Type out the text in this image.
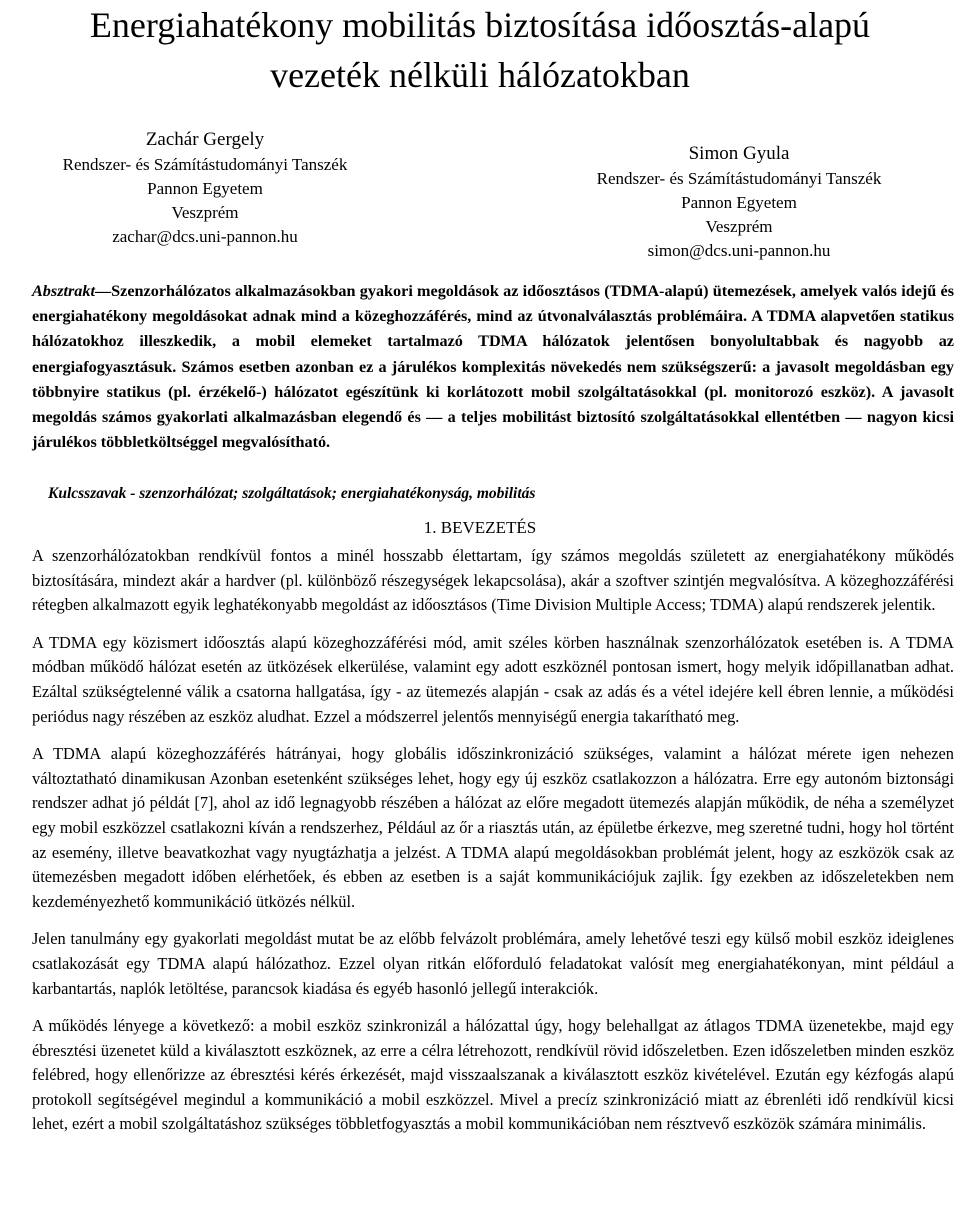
Energiahatékony mobilitás biztosítása időosztás-alapú
vezeték nélküli hálózatokban
Zachár Gergely
Rendszer- és Számítástudományi Tanszék
Pannon Egyetem
Veszprém
zachar@dcs.uni-pannon.hu
Simon Gyula
Rendszer- és Számítástudományi Tanszék
Pannon Egyetem
Veszprém
simon@dcs.uni-pannon.hu

Absztrakt—Szenzorhálózatos alkalmazásokban gyakori megoldások az időosztásos (TDMA-alapú) ütemezések, amelyek valós idejű és energiahatékony megoldásokat adnak mind a közeghozzáférés, mind az útvonalválasztás problémáira. A TDMA alapvetően statikus hálózatokhoz illeszkedik, a mobil elemeket tartalmazó TDMA hálózatok jelentősen bonyolultabbak és nagyobb az energiafogyasztásuk. Számos esetben azonban ez a járulékos komplexitás növekedés nem szükségszerű: a javasolt megoldásban egy többnyire statikus (pl. érzékelő-) hálózatot egészítünk ki korlátozott mobil szolgáltatásokkal (pl. monitorozó eszköz). A javasolt megoldás számos gyakorlati alkalmazásban elegendő és — a teljes mobilitást biztosító szolgáltatásokkal ellentétben — nagyon kicsi járulékos többletköltséggel megvalósítható.

Kulcsszavak - szenzorhálózat; szolgáltatások; energiahatékonyság, mobilitás

1. BEVEZETÉS

A szenzorhálózatokban rendkívül fontos a minél hosszabb élettartam, így számos megoldás született az energiahatékony működés biztosítására, mindezt akár a hardver (pl. különböző részegységek lekapcsolása), akár a szoftver szintjén megvalósítva. A közeghozzáférési rétegben alkalmazott egyik leghatékonyabb megoldást az időosztásos (Time Division Multiple Access; TDMA) alapú rendszerek jelentik.

A TDMA egy közismert időosztás alapú közeghozzáférési mód, amit széles körben használnak szenzorhálózatok esetében is. A TDMA módban működő hálózat esetén az ütközések elkerülése, valamint egy adott eszköznél pontosan ismert, hogy melyik időpillanatban adhat. Ezáltal szükségtelenné válik a csatorna hallgatása, így - az ütemezés alapján - csak az adás és a vétel idejére kell ébren lennie, a működési periódus nagy részében az eszköz aludhat. Ezzel a módszerrel jelentős mennyiségű energia takarítható meg.

A TDMA alapú közeghozzáférés hátrányai, hogy globális időszinkronizáció szükséges, valamint a hálózat mérete igen nehezen változtatható dinamikusan Azonban esetenként szükséges lehet, hogy egy új eszköz csatlakozzon a hálózatra. Erre egy autonóm biztonsági rendszer adhat jó példát [7], ahol az idő legnagyobb részében a hálózat az előre megadott ütemezés alapján működik, de néha a személyzet egy mobil eszközzel csatlakozni kíván a rendszerhez, Például az őr a riasztás után, az épületbe érkezve, meg szeretné tudni, hogy hol történt az esemény, illetve beavatkozhat vagy nyugtázhatja a jelzést. A TDMA alapú megoldásokban problémát jelent, hogy az eszközök csak az ütemezésben megadott időben elérhetőek, és ebben az esetben is a saját kommunikációjuk zajlik. Így ezekben az időszeletekben nem kezdeményezhető kommunikáció ütközés nélkül.

Jelen tanulmány egy gyakorlati megoldást mutat be az előbb felvázolt problémára, amely lehetővé teszi egy külső mobil eszköz ideiglenes csatlakozását egy TDMA alapú hálózathoz. Ezzel olyan ritkán előforduló feladatokat valósít meg energiahatékonyan, mint például a karbantartás, naplók letöltése, parancsok kiadása és egyéb hasonló jellegű interakciók.

A működés lényege a következő: a mobil eszköz szinkronizál a hálózattal úgy, hogy belehallgat az átlagos TDMA üzenetekbe, majd egy ébresztési üzenetet küld a kiválasztott eszköznek, az erre a célra létrehozott, rendkívül rövid időszeletben. Ezen időszeletben minden eszköz felébred, hogy ellenőrizze az ébresztési kérés érkezését, majd visszaalszanak a kiválasztott eszköz kivételével. Ezután egy kézfogás alapú protokoll segítségével megindul a kommunikáció a mobil eszközzel. Mivel a precíz szinkronizáció miatt az ébrenléti idő rendkívül kicsi lehet, ezért a mobil szolgáltatáshoz szükséges többletfogyasztás a mobil kommunikációban nem résztvevő eszközök számára minimális.
